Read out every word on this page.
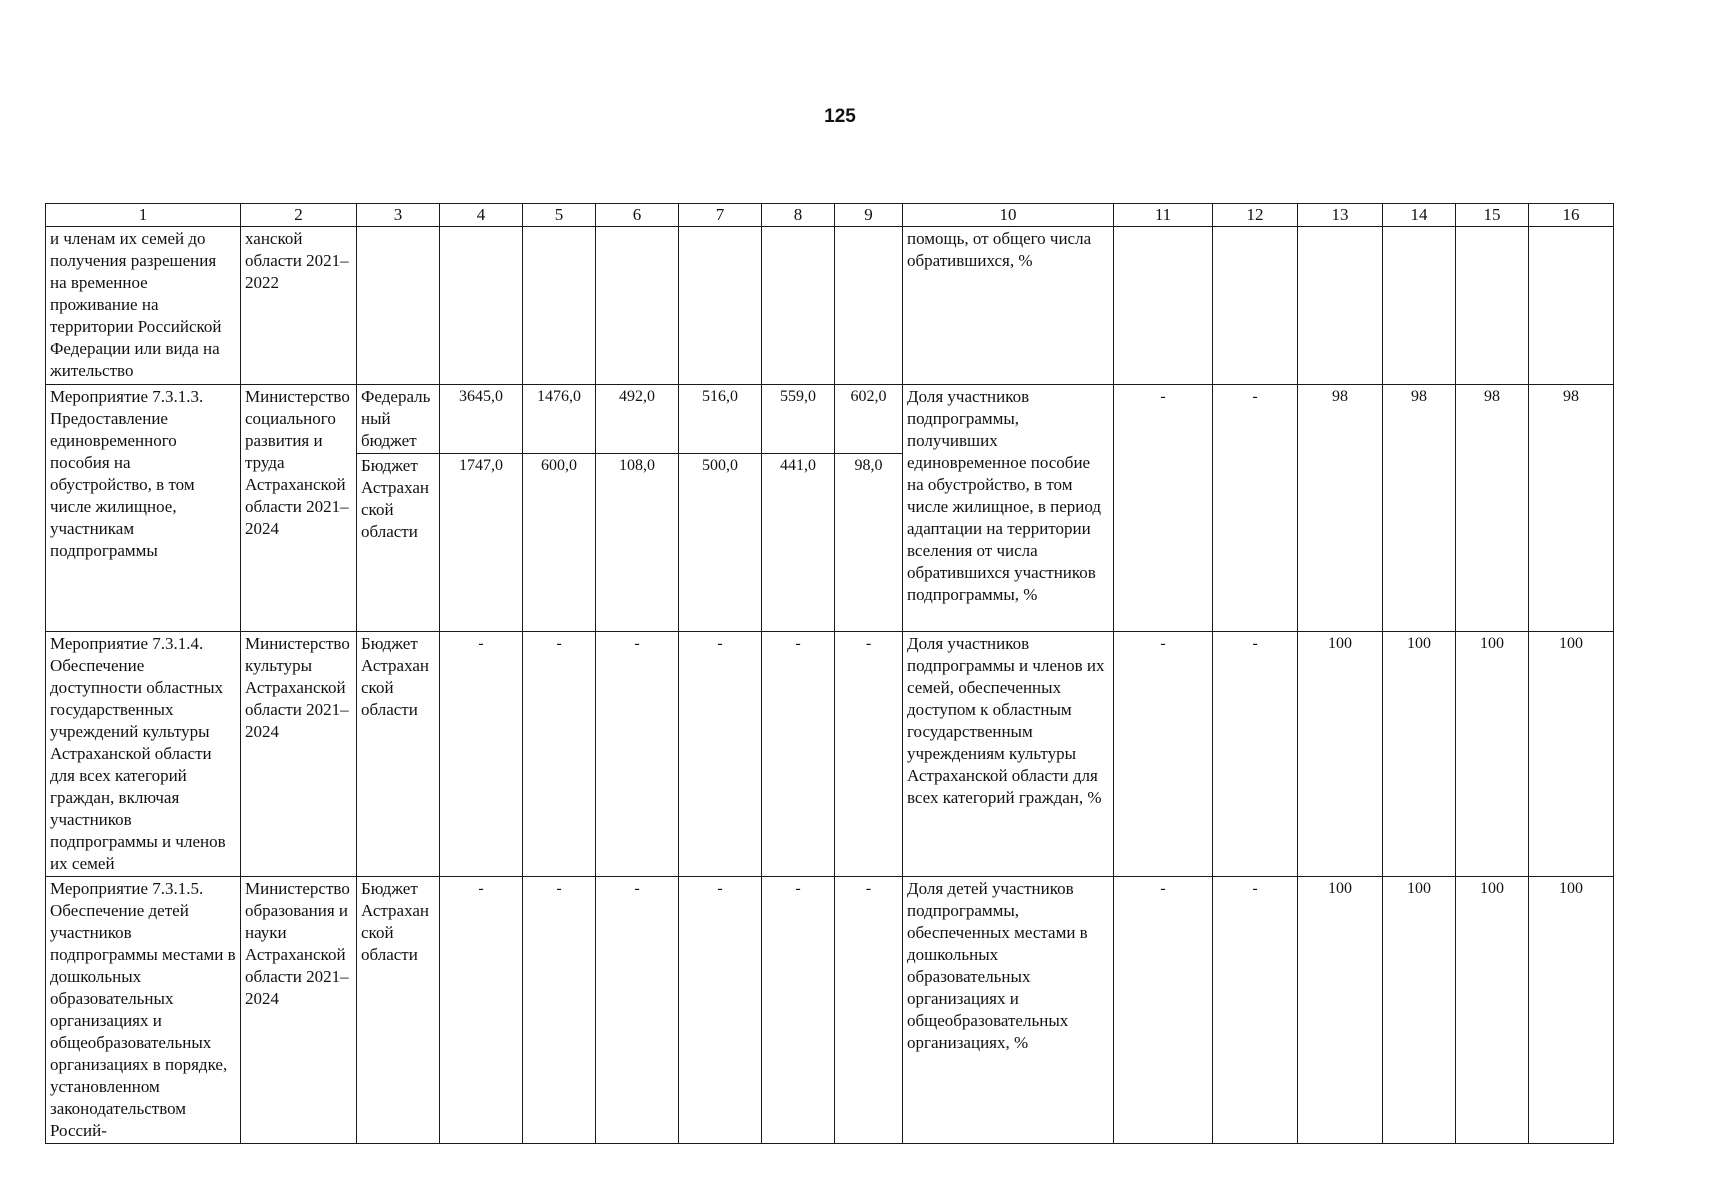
125
1	2	3	4	5	6	7	8	9	10	11	12	13	14	15	16
и членам их семей до получения разрешения на временное проживание на территории Российской Федерации или вида на жительство	ханской области 2021–2022								помощь, от общего числа обратившихся, %						
Мероприятие 7.3.1.3. Предоставление единовременного пособия на обустройство, в том числе жилищное, участникам подпрограммы	Министерство социального развития и труда Астраханской области 2021–2024	Федеральный бюджет	3645,0	1476,0	492,0	516,0	559,0	602,0	Доля участников подпрограммы, получивших единовременное пособие на обустройство, в том числе жилищное, в период адаптации на территории вселения от числа обратившихся участников подпрограммы, %	-	-	98	98	98	98
		Бюджет Астраханской области	1747,0	600,0	108,0	500,0	441,0	98,0							
Мероприятие 7.3.1.4. Обеспечение доступности областных государственных учреждений культуры Астраханской области для всех категорий граждан, включая участников подпрограммы и членов их семей	Министерство культуры Астраханской области 2021–2024	Бюджет Астраханской области	-	-	-	-	-	-	Доля участников подпрограммы и членов их семей, обеспеченных доступом к областным государственным учреждениям культуры Астраханской области для всех категорий граждан, %	-	-	100	100	100	100
Мероприятие 7.3.1.5. Обеспечение детей участников подпрограммы местами в дошкольных образовательных организациях и общеобразовательных организациях в порядке, установленном законодательством Россий-	Министерство образования и науки Астраханской области 2021–2024	Бюджет Астраханской области	-	-	-	-	-	-	Доля детей участников подпрограммы, обеспеченных местами в дошкольных образовательных организациях и общеобразовательных организациях, %	-	-	100	100	100	100
